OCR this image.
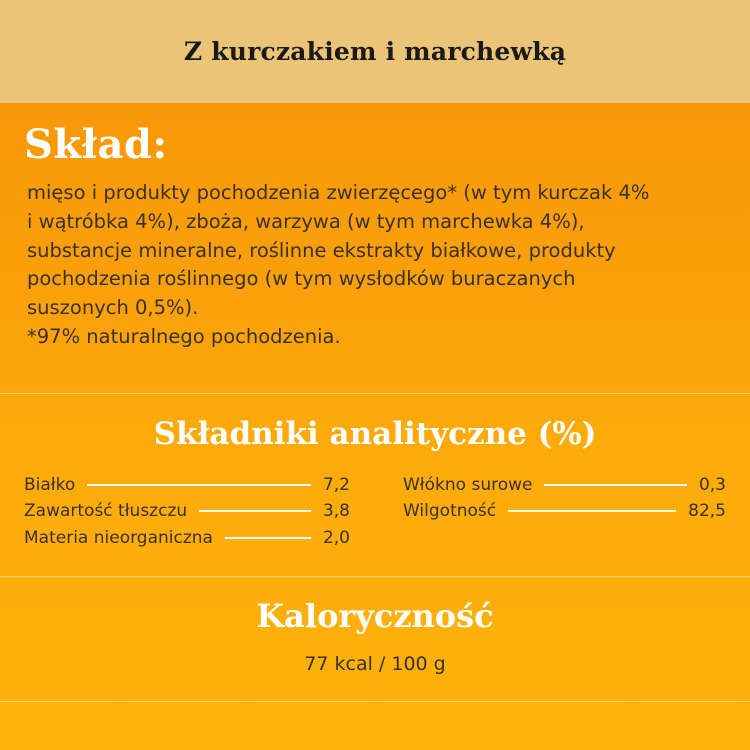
Z kurczakiem i marchewką
Skład:

mięso i produkty pochodzenia zwierzęcego* (w tym kurczak 4%
i wątróbka 4%), zboża, warzywa (w tym marchewka 4%),
substancje mineralne, roślinne ekstrakty białkowe, produkty
pochodzenia roślinnego (w tym wysłodków buraczanych
suszonych 0,5%).
*97% naturalnego pochodzenia.

Składniki analityczne (%)
Białko	7,2
Zawartość tłuszczu	3,8
Materia nieorganiczna	2,0
Włókno surowe	0,3
Wilgotność	82,5
Kaloryczność
77 kcal / 100 g
